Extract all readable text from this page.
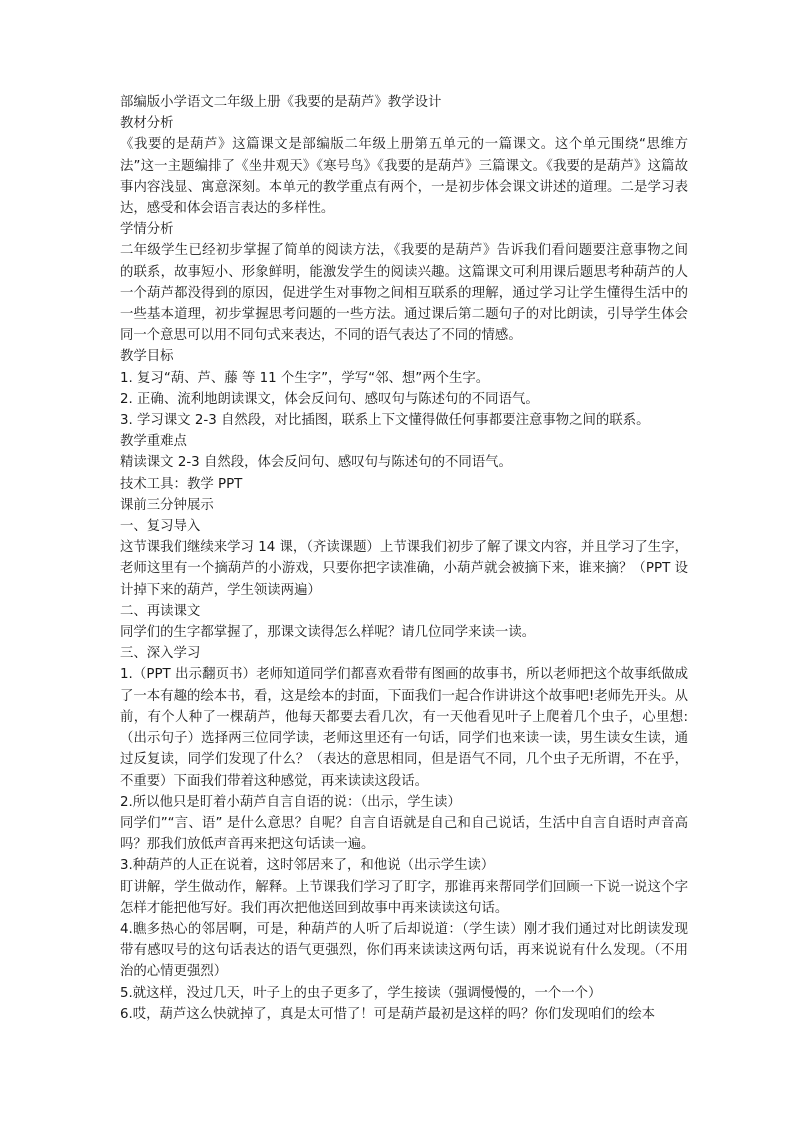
部编版小学语文二年级上册《我要的是葫芦》教学设计
教材分析
《我要的是葫芦》这篇课文是部编版二年级上册第五单元的一篇课文。这个单元围绕“思维方法”这一主题编排了《坐井观天》《寒号鸟》《我要的是葫芦》三篇课文。《我要的是葫芦》这篇故事内容浅显、寓意深刻。本单元的教学重点有两个，一是初步体会课文讲述的道理。二是学习表达，感受和体会语言表达的多样性。
学情分析
二年级学生已经初步掌握了简单的阅读方法，《我要的是葫芦》告诉我们看问题要注意事物之间的联系，故事短小、形象鲜明，能激发学生的阅读兴趣。这篇课文可利用课后题思考种葫芦的人一个葫芦都没得到的原因，促进学生对事物之间相互联系的理解，通过学习让学生懂得生活中的一些基本道理，初步掌握思考问题的一些方法。通过课后第二题句子的对比朗读，引导学生体会同一个意思可以用不同句式来表达，不同的语气表达了不同的情感。
教学目标
1. 复习“葫、芦、藤 等 11 个生字”，学写“邻、想”两个生字。
2. 正确、流利地朗读课文，体会反问句、感叹句与陈述句的不同语气。
3. 学习课文 2-3 自然段，对比插图，联系上下文懂得做任何事都要注意事物之间的联系。
教学重难点
精读课文 2-3 自然段，体会反问句、感叹句与陈述句的不同语气。
技术工具：教学 PPT
课前三分钟展示
一、复习导入
这节课我们继续来学习 14 课，（齐读课题）上节课我们初步了解了课文内容，并且学习了生字，老师这里有一个摘葫芦的小游戏，只要你把字读准确，小葫芦就会被摘下来，谁来摘？（PPT 设计掉下来的葫芦，学生领读两遍）
二、再读课文
同学们的生字都掌握了，那课文读得怎么样呢？请几位同学来读一读。
三、深入学习
1.（PPT 出示翻页书）老师知道同学们都喜欢看带有图画的故事书，所以老师把这个故事纸做成了一本有趣的绘本书，看，这是绘本的封面，下面我们一起合作讲讲这个故事吧!老师先开头。从前，有个人种了一棵葫芦，他每天都要去看几次，有一天他看见叶子上爬着几个虫子，心里想:（出示句子）选择两三位同学读，老师这里还有一句话，同学们也来读一读，男生读女生读，通过反复读，同学们发现了什么？（表达的意思相同，但是语气不同，几个虫子无所谓，不在乎，不重要）下面我们带着这种感觉，再来读读这段话。
2.所以他只是盯着小葫芦自言自语的说：（出示，学生读）
同学们”“言、语” 是什么意思？自呢？自言自语就是自己和自己说话，生活中自言自语时声音高吗？那我们放低声音再来把这句话读一遍。
3.种葫芦的人正在说着，这时邻居来了，和他说（出示学生读）
盯讲解，学生做动作，解释。上节课我们学习了盯字，那谁再来帮同学们回顾一下说一说这个字怎样才能把他写好。我们再次把他送回到故事中再来读读这句话。
4.瞧多热心的邻居啊，可是，种葫芦的人听了后却说道：（学生读）刚才我们通过对比朗读发现带有感叹号的这句话表达的语气更强烈，你们再来读读这两句话，再来说说有什么发现。（不用治的心情更强烈）
5.就这样，没过几天，叶子上的虫子更多了，学生接读（强调慢慢的，一个一个）
6.哎，葫芦这么快就掉了，真是太可惜了！可是葫芦最初是这样的吗？你们发现咱们的绘本
